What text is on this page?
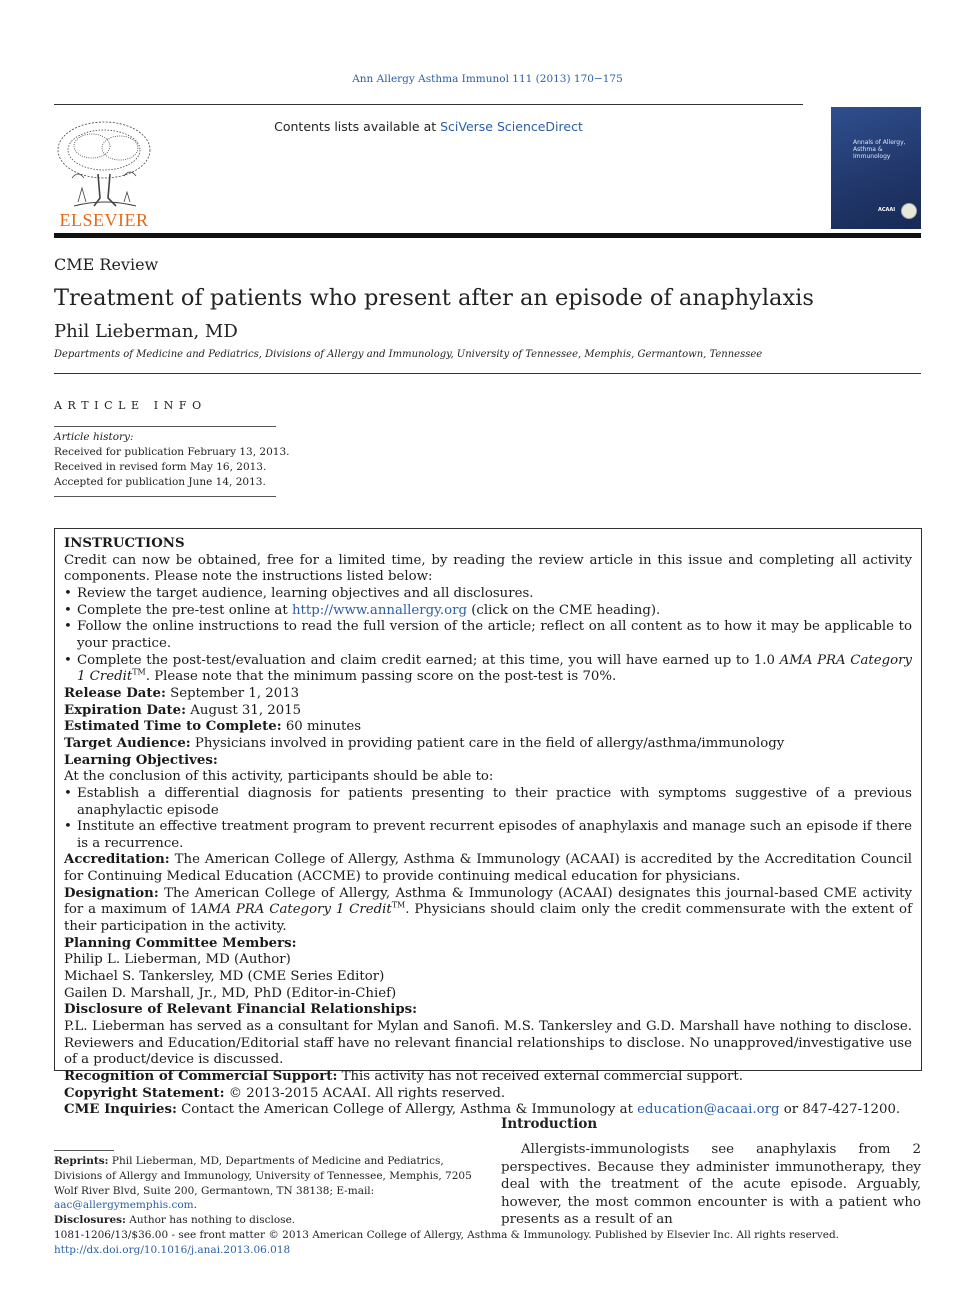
Ann Allergy Asthma Immunol 111 (2013) 170−175
Contents lists available at SciVerse ScienceDirect
ELSEVIER
Annals of Allergy, Asthma & Immunology
ACAAI
CME Review
Treatment of patients who present after an episode of anaphylaxis
Phil Lieberman, MD
Departments of Medicine and Pediatrics, Divisions of Allergy and Immunology, University of Tennessee, Memphis, Germantown, Tennessee
ARTICLE INFO
Article history:
Received for publication February 13, 2013.
Received in revised form May 16, 2013.
Accepted for publication June 14, 2013.

INSTRUCTIONS

Credit can now be obtained, free for a limited time, by reading the review article in this issue and completing all activity components. Please note the instructions listed below:

• Review the target audience, learning objectives and all disclosures.
• Complete the pre-test online at http://www.annallergy.org (click on the CME heading).
• Follow the online instructions to read the full version of the article; reflect on all content as to how it may be applicable to your practice.
• Complete the post-test/evaluation and claim credit earned; at this time, you will have earned up to 1.0 AMA PRA Category 1 Credit™. Please note that the minimum passing score on the post-test is 70%.

Release Date: September 1, 2013

Expiration Date: August 31, 2015

Estimated Time to Complete: 60 minutes

Target Audience: Physicians involved in providing patient care in the field of allergy/asthma/immunology

Learning Objectives:

At the conclusion of this activity, participants should be able to:

• Establish a differential diagnosis for patients presenting to their practice with symptoms suggestive of a previous anaphylactic episode
• Institute an effective treatment program to prevent recurrent episodes of anaphylaxis and manage such an episode if there is a recurrence.

Accreditation: The American College of Allergy, Asthma & Immunology (ACAAI) is accredited by the Accreditation Council for Continuing Medical Education (ACCME) to provide continuing medical education for physicians.

Designation: The American College of Allergy, Asthma & Immunology (ACAAI) designates this journal-based CME activity for a maximum of 1AMA PRA Category 1 Credit™. Physicians should claim only the credit commensurate with the extent of their participation in the activity.

Planning Committee Members:

Philip L. Lieberman, MD (Author)

Michael S. Tankersley, MD (CME Series Editor)

Gailen D. Marshall, Jr., MD, PhD (Editor-in-Chief)

Disclosure of Relevant Financial Relationships:

P.L. Lieberman has served as a consultant for Mylan and Sanofi. M.S. Tankersley and G.D. Marshall have nothing to disclose. Reviewers and Education/Editorial staff have no relevant financial relationships to disclose. No unapproved/investigative use of a product/device is discussed.

Recognition of Commercial Support: This activity has not received external commercial support.

Copyright Statement: © 2013-2015 ACAAI. All rights reserved.

CME Inquiries: Contact the American College of Allergy, Asthma & Immunology at education@acaai.org or 847-427-1200.

Introduction

Allergists-immunologists see anaphylaxis from 2 perspectives. Because they administer immunotherapy, they deal with the treatment of the acute episode. Arguably, however, the most common encounter is with a patient who presents as a result of an

Reprints: Phil Lieberman, MD, Departments of Medicine and Pediatrics, Divisions of Allergy and Immunology, University of Tennessee, Memphis, 7205 Wolf River Blvd, Suite 200, Germantown, TN 38138; E-mail: aac@allergymemphis.com.

Disclosures: Author has nothing to disclose.

1081-1206/13/$36.00 - see front matter © 2013 American College of Allergy, Asthma & Immunology. Published by Elsevier Inc. All rights reserved.
http://dx.doi.org/10.1016/j.anai.2013.06.018
